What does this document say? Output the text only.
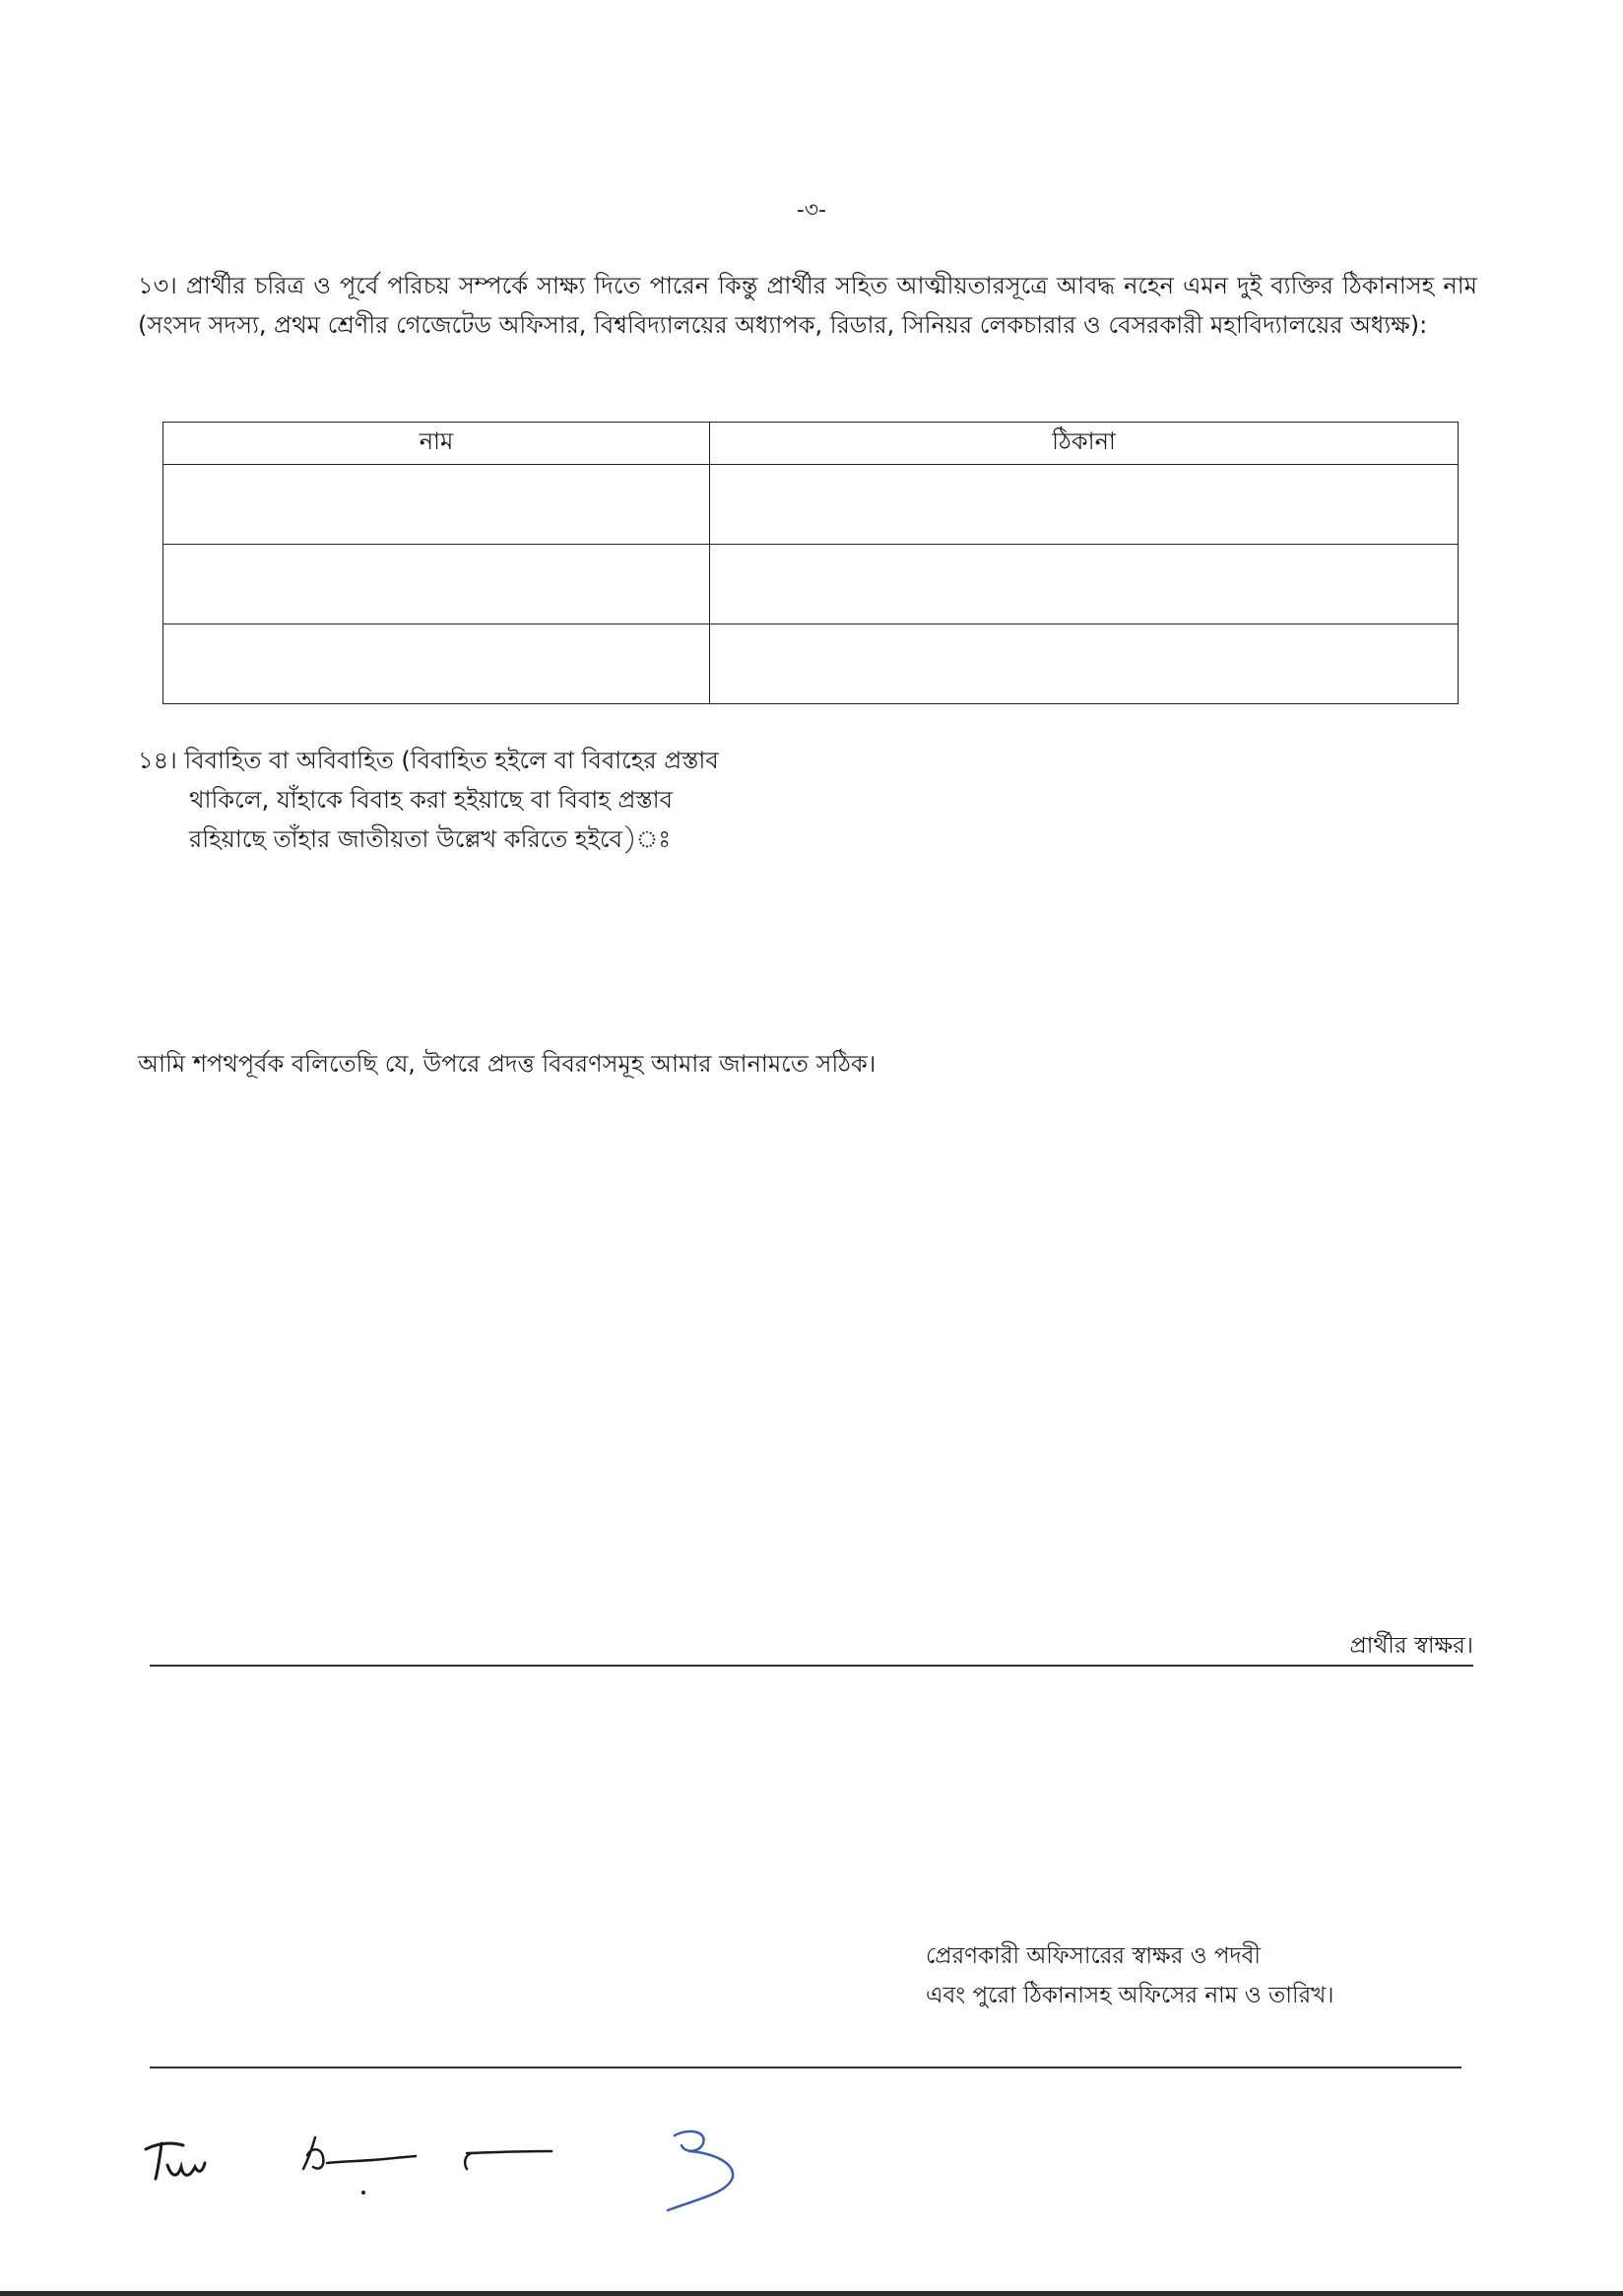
-৩-
১৩। প্রার্থীর চরিত্র ও পূর্বে পরিচয় সম্পর্কে সাক্ষ্য দিতে পারেন কিন্তু প্রার্থীর সহিত আত্মীয়তারসূত্রে আবদ্ধ নহেন এমন দুই ব্যক্তির ঠিকানাসহ নাম (সংসদ সদস্য, প্রথম শ্রেণীর গেজেটেড অফিসার, বিশ্ববিদ্যালয়ের অধ্যাপক, রিডার, সিনিয়র লেকচারার ও বেসরকারী মহাবিদ্যালয়ের অধ্যক্ষ):
নাম	ঠিকানা

১৪। বিবাহিত বা অবিবাহিত (বিবাহিত হইলে বা বিবাহের প্রস্তাব
থাকিলে, যাঁহাকে বিবাহ করা হইয়াছে বা বিবাহ প্রস্তাব
রহিয়াছে তাঁহার জাতীয়তা উল্লেখ করিতে হইবে)ঃ
আমি শপথপূর্বক বলিতেছি যে, উপরে প্রদত্ত বিবরণসমূহ আমার জানামতে সঠিক।
প্রার্থীর স্বাক্ষর।
প্রেরণকারী অফিসারের স্বাক্ষর ও পদবী
এবং পুরো ঠিকানাসহ অফিসের নাম ও তারিখ।
